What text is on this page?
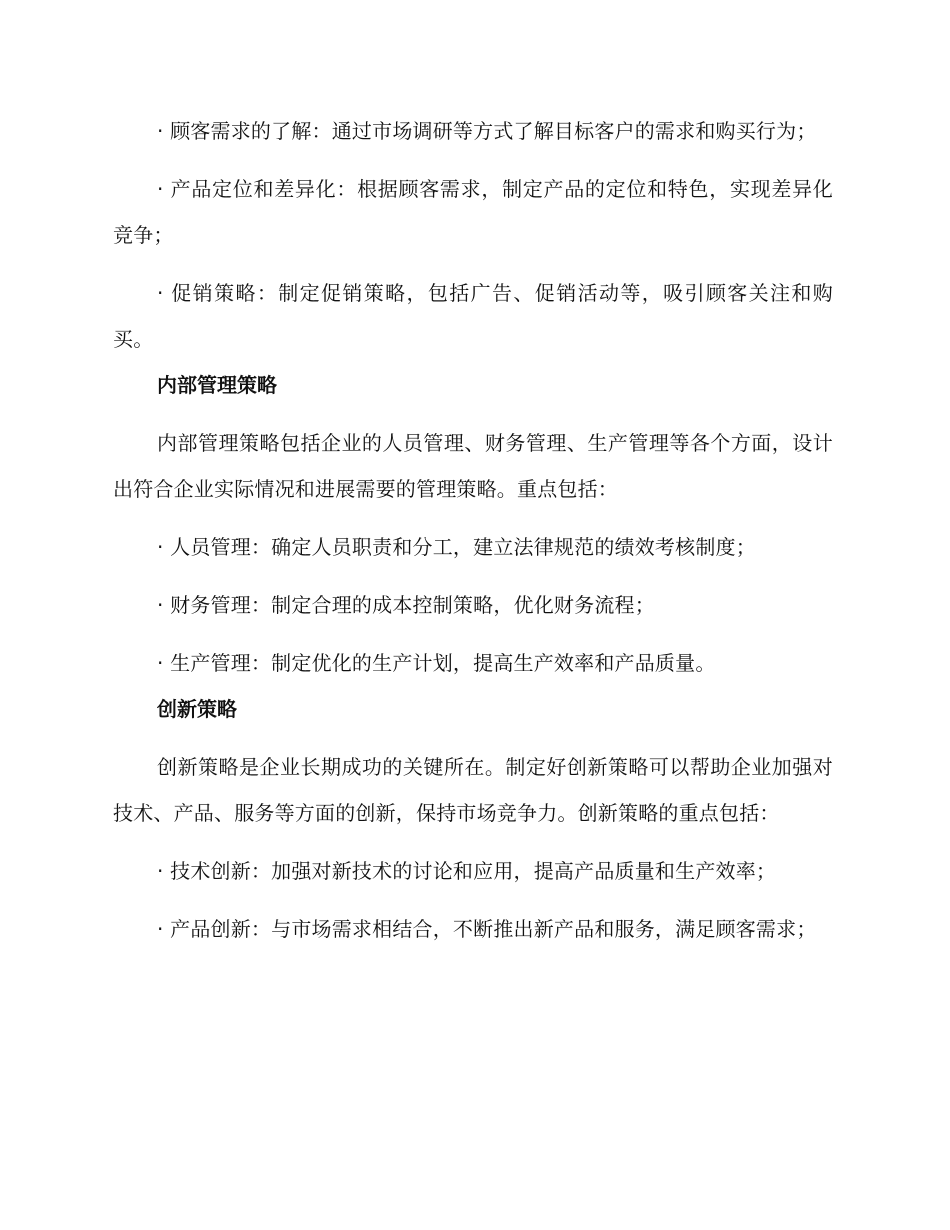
· 顾客需求的了解：通过市场调研等方式了解目标客户的需求和购买行为；

· 产品定位和差异化：根据顾客需求，制定产品的定位和特色，实现差异化竞争；

· 促销策略：制定促销策略，包括广告、促销活动等，吸引顾客关注和购买。

内部管理策略

内部管理策略包括企业的人员管理、财务管理、生产管理等各个方面，设计出符合企业实际情况和进展需要的管理策略。重点包括：

· 人员管理：确定人员职责和分工，建立法律规范的绩效考核制度；

· 财务管理：制定合理的成本控制策略，优化财务流程；

· 生产管理：制定优化的生产计划，提高生产效率和产品质量。

创新策略

创新策略是企业长期成功的关键所在。制定好创新策略可以帮助企业加强对技术、产品、服务等方面的创新，保持市场竞争力。创新策略的重点包括：

· 技术创新：加强对新技术的讨论和应用，提高产品质量和生产效率；

· 产品创新：与市场需求相结合，不断推出新产品和服务，满足顾客需求；
